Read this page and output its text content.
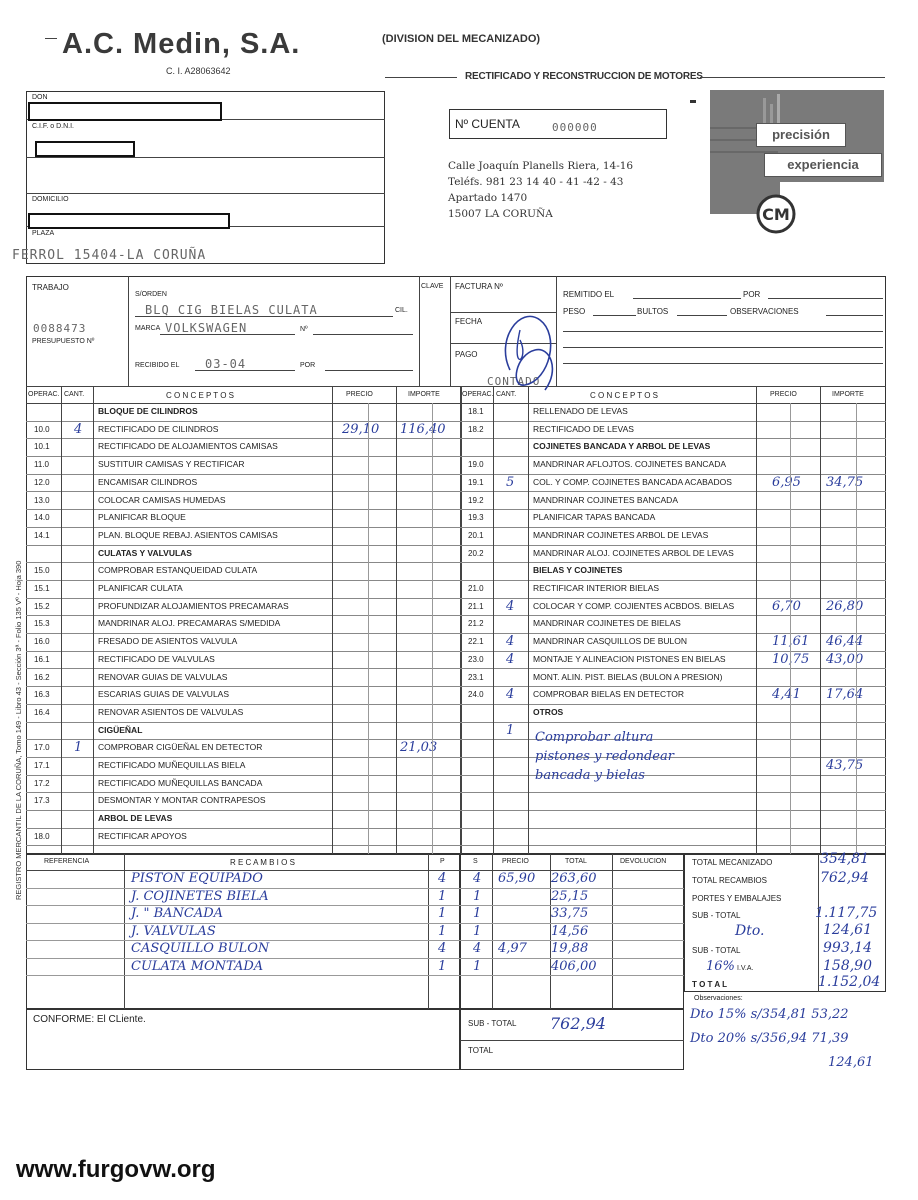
A.C. Medin, S.A.	(DIVISION DEL MECANIZADO)
C. I. A28063642	RECTIFICADO Y RECONSTRUCCION DE MOTORES
DON
C.I.F. o D.N.I.
DOMICILIO
PLAZA
FERROL 15404-LA CORUÑA
Nº CUENTA	000000
Calle Joaquín Planells Riera, 14-16
Teléfs. 981 23 14 40 - 41 -42 - 43
Apartado 1470
15007 LA CORUÑA	CM
precisión
experiencia
TRABAJO
0088473
PRESUPUESTO Nº
S/ORDEN
BLQ CIG BIELAS CULATA	CIL.
MARCA VOLKSWAGEN	Nº
RECIBIDO EL 03-04	POR
CLAVE FACTURA Nº
FECHA
PAGO
CONTADO
REMITIDO EL	POR
PESO	BULTOS	OBSERVACIONES
OPERAC. CANT.	C O N C E P T O S	PRECIO	IMPORTE
BLOQUE DE CILINDROS
10.0 4 RECTIFICADO DE CILINDROS	29,10 116,40
10.1	RECTIFICADO DE ALOJAMIENTOS CAMISAS
11.0	SUSTITUIR CAMISAS Y RECTIFICAR
12.0	ENCAMISAR CILINDROS
13.0	COLOCAR CAMISAS HUMEDAS
14.0	PLANIFICAR BLOQUE
14.1	PLAN. BLOQUE REBAJ. ASIENTOS CAMISAS
CULATAS Y VALVULAS
15.0	COMPROBAR ESTANQUEIDAD CULATA
15.1	PLANIFICAR CULATA
15.2	PROFUNDIZAR ALOJAMIENTOS PRECAMARAS
15.3	MANDRINAR ALOJ. PRECAMARAS S/MEDIDA
16.0	FRESADO DE ASIENTOS VALVULA
16.1	RECTIFICADO DE VALVULAS
16.2	RENOVAR GUIAS DE VALVULAS
16.3	ESCARIAS GUIAS DE VALVULAS
16.4	RENOVAR ASIENTOS DE VALVULAS
CIGÜEÑAL
17.0 1 COMPROBAR CIGÜEÑAL EN DETECTOR	21,03
17.1	RECTIFICADO MUÑEQUILLAS BIELA
17.2	RECTIFICADO MUÑEQUILLAS BANCADA
17.3	DESMONTAR Y MONTAR CONTRAPESOS
ARBOL DE LEVAS
18.0	RECTIFICAR APOYOS
OPERAC. CANT.	C O N C E P T O S	PRECIO	IMPORTE
18.1	RELLENADO DE LEVAS
18.2	RECTIFICADO DE LEVAS
COJINETES BANCADA Y ARBOL DE LEVAS
19.0	MANDRINAR AFLOJTOS. COJINETES BANCADA
19.1 5 COL. Y COMP. COJINETES BANCADA ACABADOS	6,95 34,75
19.2	MANDRINAR COJINETES BANCADA
19.3	PLANIFICAR TAPAS BANCADA
20.1	MANDRINAR COJINETES ARBOL DE LEVAS
20.2	MANDRINAR ALOJ. COJINETES ARBOL DE LEVAS
BIELAS Y COJINETES
21.0	RECTIFICAR INTERIOR BIELAS
21.1 4 COLOCAR Y COMP. COJIENTES ACBDOS. BIELAS	6,70 26,80
21.2	MANDRINAR COJINETES DE BIELAS
22.1 4 MANDRINAR CASQUILLOS DE BULON	11,61 46,44
23.0 4 MONTAJE Y ALINEACION PISTONES EN BIELAS	10,75 43,00
23.1	MONT. ALIN. PIST. BIELAS (BULON A PRESION)
24.0 4 COMPROBAR BIELAS EN DETECTOR	4,41 17,64
OTROS
1
43,75
Comprobar altura
pistones y redondear
bancada y bielas
REGISTRO MERCANTIL DE LA CORUÑA, Tomo 149 - Libro 43 - Sección 3ª - Folio 135 Vº - Hoja 390	REFERENCIA	R E C A M B I O S	P	S	PRECIO	TOTAL	DEVOLUCION
PISTON EQUIPADO	4 4 65,90 263,60
J. COJINETES BIELA	1 1	25,15
J. " BANCADA	1 1	33,75
J. VALVULAS	1 1	14,56
CASQUILLO BULON	4 4 4,97 19,88
CULATA MONTADA	1 1	406,00
TOTAL MECANIZADO	354,81
TOTAL RECAMBIOS	762,94
PORTES Y EMBALAJES
SUB - TOTAL	1.117,75
Dto.	124,61
SUB - TOTAL	993,14
16% I.V.A.	158,90
T O T A L	1.152,04
Observaciones:
Dto 15% s/354,81 53,22
Dto 20% s/356,94 71,39
124,61
CONFORME: El CLiente.	SUB - TOTAL 762,94
TOTAL
www.furgovw.org
